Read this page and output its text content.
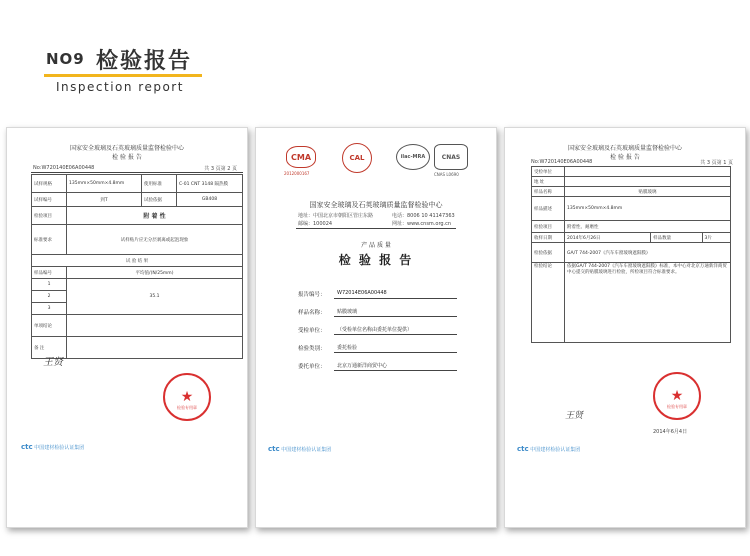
NO9 检验报告
Inspection report
国家安全玻璃及石英玻璃质量监督检验中心
检 验 报 告
No:W720140E06A00448	共 3 页第 2 页
试样规格	135mm×50mm×4.8mm	使用标准	C-01 CNT 3148 隔热膜
试样编号	到T	试验依据	GB408
检验项目	附 着 性		
标准要求	试样贴片应无分层剥离或起泡现象		
试 验 结 果			
样品编号	平均值/(N/25mm)		
1	35.1		
2			
3			
单项结论			
备 注			
王贤
★
检验专用章
ctc 中国建材检验认证集团
CMA
2012000167
CAL	ilac-MRA	CNAS
CNAS L0690
国家安全玻璃及石英玻璃质量监督检验中心
地址：中国北京市朝阳区管庄东路	电话：8006 10 41147363
邮编：100024	网址：www.cnsm.org.cn
产 品 质 量
检 验 报 告
报告编号：	W72014E06A00448
样品名称：	贴膜玻璃
受检单位：	（受检单位名称由委托单位提供）
检验类别：	委托检验
委托单位：	北京万通新洋商贸中心
ctc 中国建材检验认证集团
国家安全玻璃及石英玻璃质量监督检验中心
检 验 报 告
No:W720140E06A00448	共 3 页第 1 页
受检单位			
地 址			
样品名称	贴膜玻璃		
样品描述	135mm×50mm×4.8mm		
检验项目	附着性、耐磨性		
收样日期	2014年6月26日	样品数量	3片
检验依据	GA/T 744-2007《汽车车窗玻璃遮阳膜》		
检验结论	依据GA/T 744-2007《汽车车窗玻璃遮阳膜》标准，本中心对北京万通新洋商贸中心提交的贴膜玻璃进行检验，所检项目符合标准要求。		
王贤
2014年6月4日
★
检验专用章
ctc 中国建材检验认证集团
